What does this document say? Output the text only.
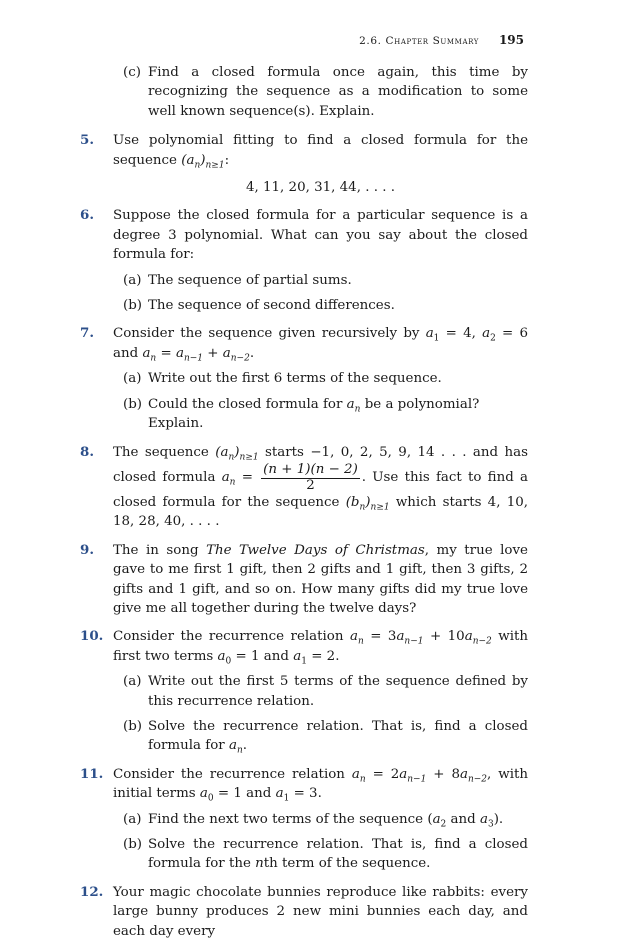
2.6. Chapter Summary 195
(c) Find a closed formula once again, this time by recognizing the sequence as a modification to some well known sequence(s). Explain.

5. Use polynomial fitting to find a closed formula for the sequence $(a_n)_{n\ge 1}$:

4, 11, 20, 31, 44, . . . .

6. Suppose the closed formula for a particular sequence is a degree 3 polynomial. What can you say about the closed formula for:

(a) The sequence of partial sums.

(b) The sequence of second differences.

7. Consider the sequence given recursively by $a_1 = 4$, $a_2 = 6$ and $a_n = a_{n-1} + a_{n-2}$.

(a) Write out the first 6 terms of the sequence.

(b) Could the closed formula for $a_n$ be a polynomial? Explain.

8. The sequence $(a_n)_{n\ge 1}$ starts −1, 0, 2, 5, 9, 14 . . . and has closed formula $a_n = \frac{(n + 1)(n - 2)}{2}$ . Use this fact to find a closed formula for the sequence $(b_n)_{n\ge 1}$ which starts 4, 10, 18, 28, 40, . . . .

9. The in song The Twelve Days of Christmas, my true love gave to me first 1 gift, then 2 gifts and 1 gift, then 3 gifts, 2 gifts and 1 gift, and so on. How many gifts did my true love give me all together during the twelve days?

10. Consider the recurrence relation $a_n = 3a_{n-1} + 10a_{n-2}$ with first two terms $a_0 = 1$ and $a_1 = 2$.

(a) Write out the first 5 terms of the sequence defined by this recurrence relation.

(b) Solve the recurrence relation. That is, find a closed formula for $a_n$.

11. Consider the recurrence relation $a_n = 2a_{n-1} + 8a_{n-2}$, with initial terms $a_0 = 1$ and $a_1 = 3$.

(a) Find the next two terms of the sequence ($a_2$ and $a_3$).

(b) Solve the recurrence relation. That is, find a closed formula for the nth term of the sequence.

12. Your magic chocolate bunnies reproduce like rabbits: every large bunny produces 2 new mini bunnies each day, and each day every
